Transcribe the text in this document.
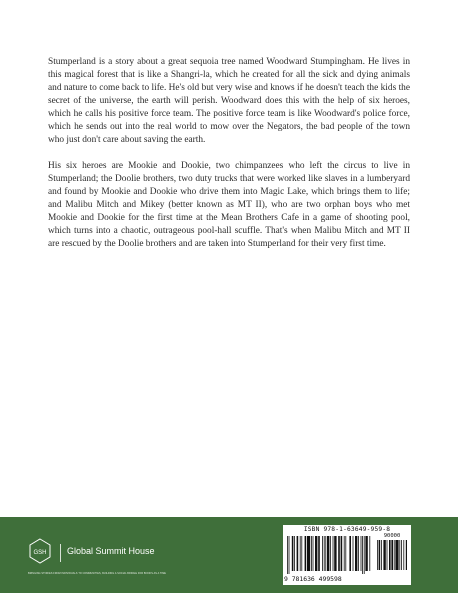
Stumperland is a story about a great sequoia tree named Woodward Stumpingham. He lives in this magical forest that is like a Shangri-la, which he created for all the sick and dying animals and nature to come back to life. He's old but very wise and knows if he doesn't teach the kids the secret of the universe, the earth will perish. Woodward does this with the help of six heroes, which he calls his positive force team. The positive force team is like Woodward's police force, which he sends out into the real world to mow over the Negators, the bad people of the town who just don't care about saving the earth.

His six heroes are Mookie and Dookie, two chimpanzees who left the circus to live in Stumperland; the Doolie brothers, two duty trucks that were worked like slaves in a lumberyard and found by Mookie and Dookie who drive them into Magic Lake, which brings them to life; and Malibu Mitch and Mikey (better known as MT II), who are two orphan boys who met Mookie and Dookie for the first time at the Mean Brothers Cafe in a game of shooting pool, which turns into a chaotic, outrageous pool-hall scuffle. That's when Malibu Mitch and MT II are rescued by the Doolie brothers and are taken into Stumperland for their very first time.

GSH Global Summit House
BRINGING STORIES FROM INDIVIDUALS TO COMMUNITIES, BUILDING A SOCIAL BRIDGE FOR BOOKS AS A TIME
ISBN 978-1-63649-959-8
90000
9 781636 499598
